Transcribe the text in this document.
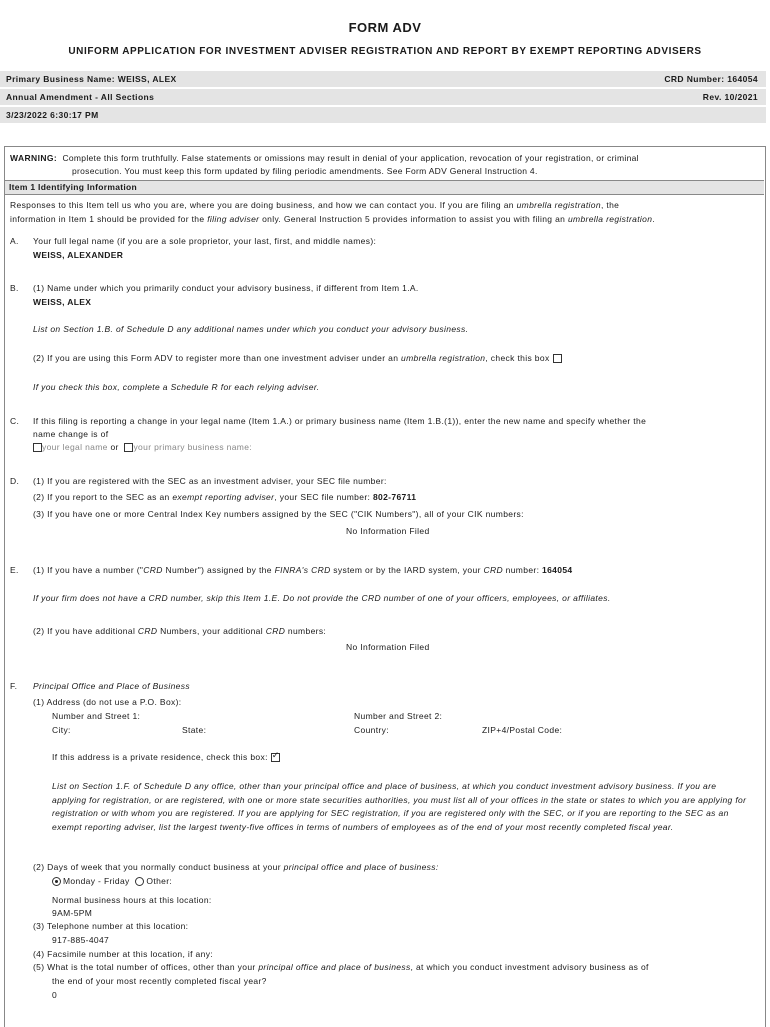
FORM ADV
UNIFORM APPLICATION FOR INVESTMENT ADVISER REGISTRATION AND REPORT BY EXEMPT REPORTING ADVISERS
Primary Business Name: WEISS, ALEX	CRD Number: 164054
Annual Amendment - All Sections	Rev. 10/2021
3/23/2022 6:30:17 PM
WARNING: Complete this form truthfully. False statements or omissions may result in denial of your application, revocation of your registration, or criminal
prosecution. You must keep this form updated by filing periodic amendments. See Form ADV General Instruction 4.
Item 1 Identifying Information
Responses to this Item tell us who you are, where you are doing business, and how we can contact you. If you are filing an umbrella registration, the
information in Item 1 should be provided for the filing adviser only. General Instruction 5 provides information to assist you with filing an umbrella registration.
A. Your full legal name (if you are a sole proprietor, your last, first, and middle names):
WEISS, ALEXANDER
B. (1) Name under which you primarily conduct your advisory business, if different from Item 1.A.
WEISS, ALEX
List on Section 1.B. of Schedule D any additional names under which you conduct your advisory business.
(2) If you are using this Form ADV to register more than one investment adviser under an umbrella registration, check this box
If you check this box, complete a Schedule R for each relying adviser.
C. If this filing is reporting a change in your legal name (Item 1.A.) or primary business name (Item 1.B.(1)), enter the new name and specify whether the
name change is of
your legal name or your primary business name:
D. (1) If you are registered with the SEC as an investment adviser, your SEC file number:
(2) If you report to the SEC as an exempt reporting adviser, your SEC file number: 802-76711
(3) If you have one or more Central Index Key numbers assigned by the SEC ("CIK Numbers"), all of your CIK numbers:
No Information Filed
E. (1) If you have a number ("CRD Number") assigned by the FINRA's CRD system or by the IARD system, your CRD number: 164054
If your firm does not have a CRD number, skip this Item 1.E. Do not provide the CRD number of one of your officers, employees, or affiliates.
(2) If you have additional CRD Numbers, your additional CRD numbers:
No Information Filed
F. Principal Office and Place of Business
(1) Address (do not use a P.O. Box):
Number and Street 1:	Number and Street 2:
City:	State:	Country:	ZIP+4/Postal Code:
If this address is a private residence, check this box:✓
List on Section 1.F. of Schedule D any office, other than your principal office and place of business, at which you conduct investment advisory business. If you are applying for registration, or are registered, with one or more state securities authorities, you must list all of your offices in the state or states to which you are applying for registration or with whom you are registered. If you are applying for SEC registration, if you are registered only with the SEC, or if you are reporting to the SEC as an exempt reporting adviser, list the largest twenty-five offices in terms of numbers of employees as of the end of your most recently completed fiscal year.
(2) Days of week that you normally conduct business at your principal office and place of business:
Monday - Friday Other:
Normal business hours at this location:
9AM-5PM
(3) Telephone number at this location:
917-885-4047
(4) Facsimile number at this location, if any:
(5) What is the total number of offices, other than your principal office and place of business, at which you conduct investment advisory business as of
the end of your most recently completed fiscal year?
0
